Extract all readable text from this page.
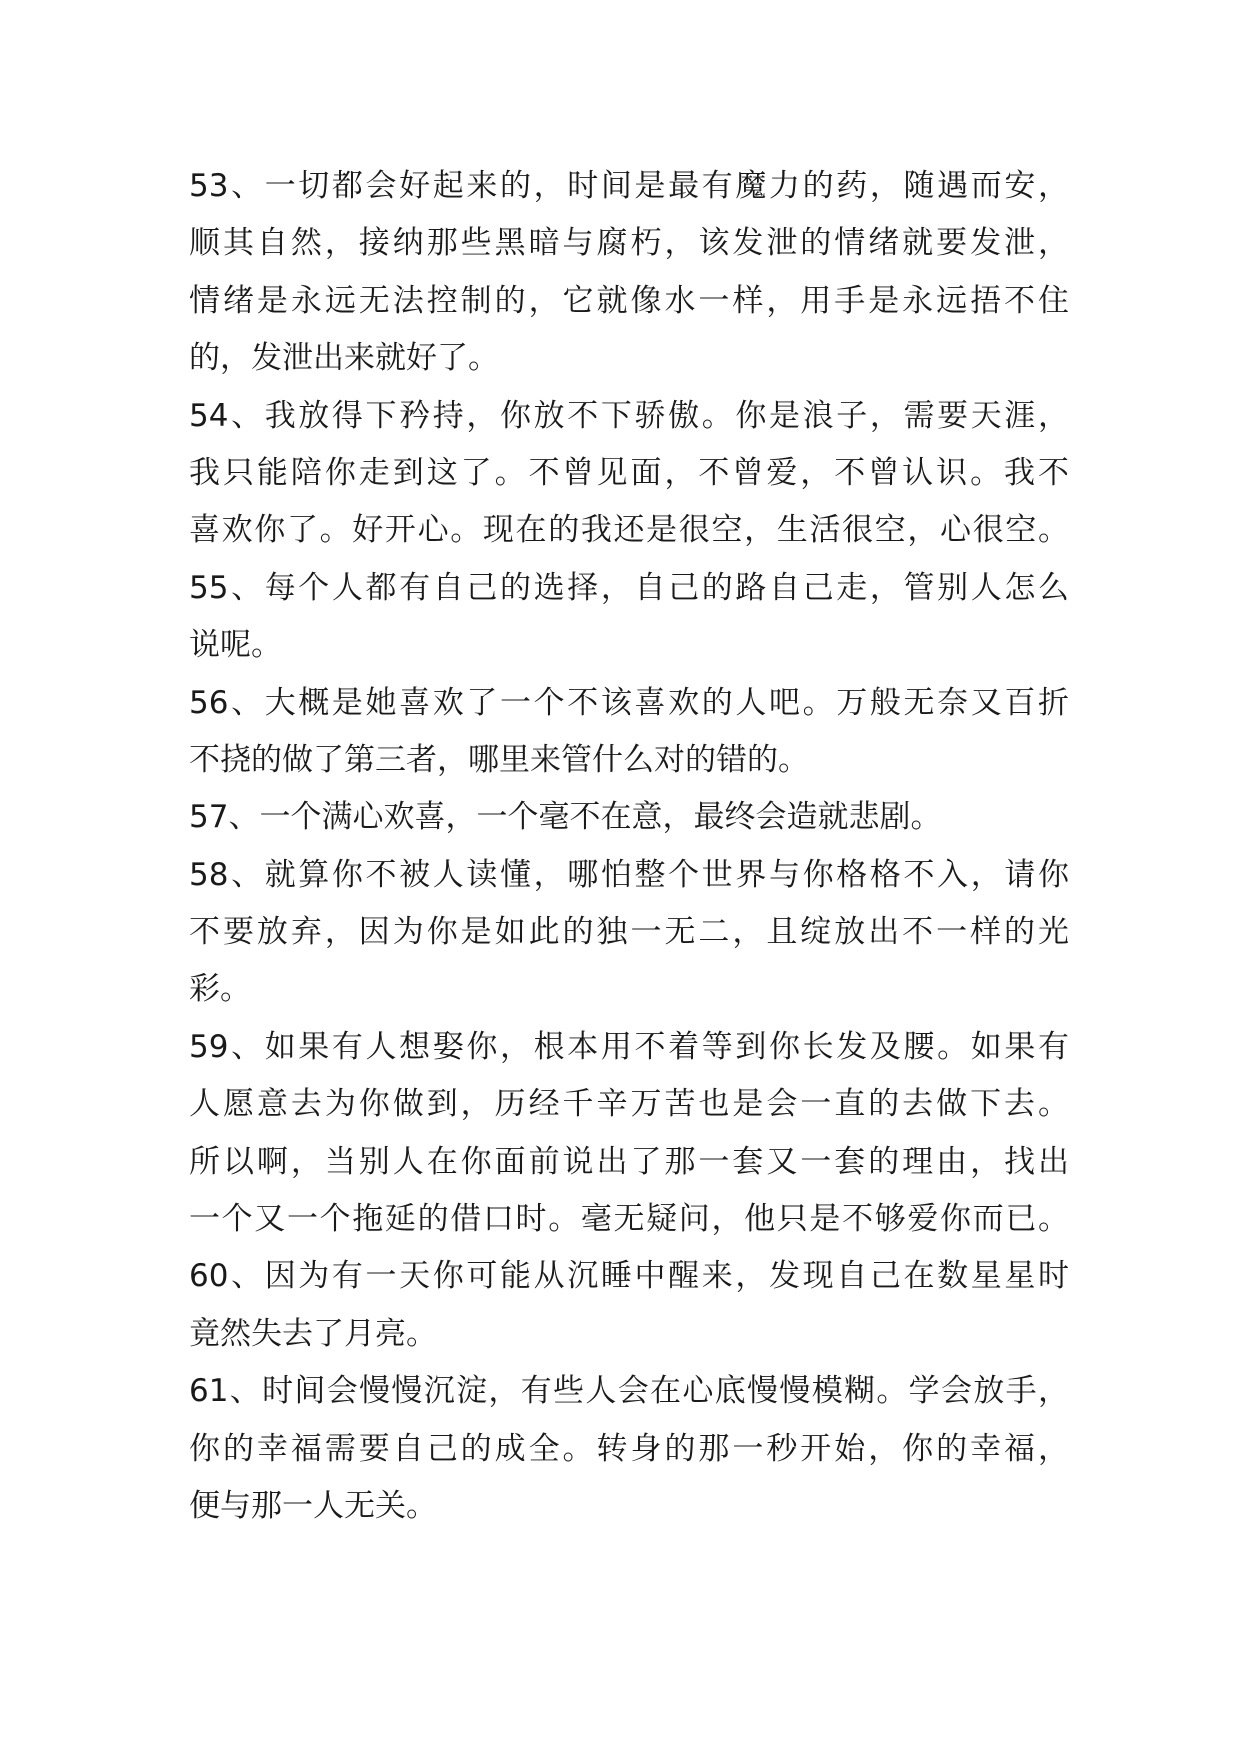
53、一切都会好起来的，时间是最有魔力的药，随遇而安，
顺其自然，接纳那些黑暗与腐朽，该发泄的情绪就要发泄，
情绪是永远无法控制的，它就像水一样，用手是永远捂不住
的，发泄出来就好了。
54、我放得下矜持，你放不下骄傲。你是浪子，需要天涯，
我只能陪你走到这了。不曾见面，不曾爱，不曾认识。我不
喜欢你了。好开心。现在的我还是很空，生活很空，心很空。
55、每个人都有自己的选择，自己的路自己走，管别人怎么
说呢。
56、大概是她喜欢了一个不该喜欢的人吧。万般无奈又百折
不挠的做了第三者，哪里来管什么对的错的。
57、一个满心欢喜，一个毫不在意，最终会造就悲剧。
58、就算你不被人读懂，哪怕整个世界与你格格不入，请你
不要放弃，因为你是如此的独一无二，且绽放出不一样的光
彩。
59、如果有人想娶你，根本用不着等到你长发及腰。如果有
人愿意去为你做到，历经千辛万苦也是会一直的去做下去。
所以啊，当别人在你面前说出了那一套又一套的理由，找出
一个又一个拖延的借口时。毫无疑问，他只是不够爱你而已。
60、因为有一天你可能从沉睡中醒来，发现自己在数星星时
竟然失去了月亮。
61、时间会慢慢沉淀，有些人会在心底慢慢模糊。学会放手，
你的幸福需要自己的成全。转身的那一秒开始，你的幸福，
便与那一人无关。
